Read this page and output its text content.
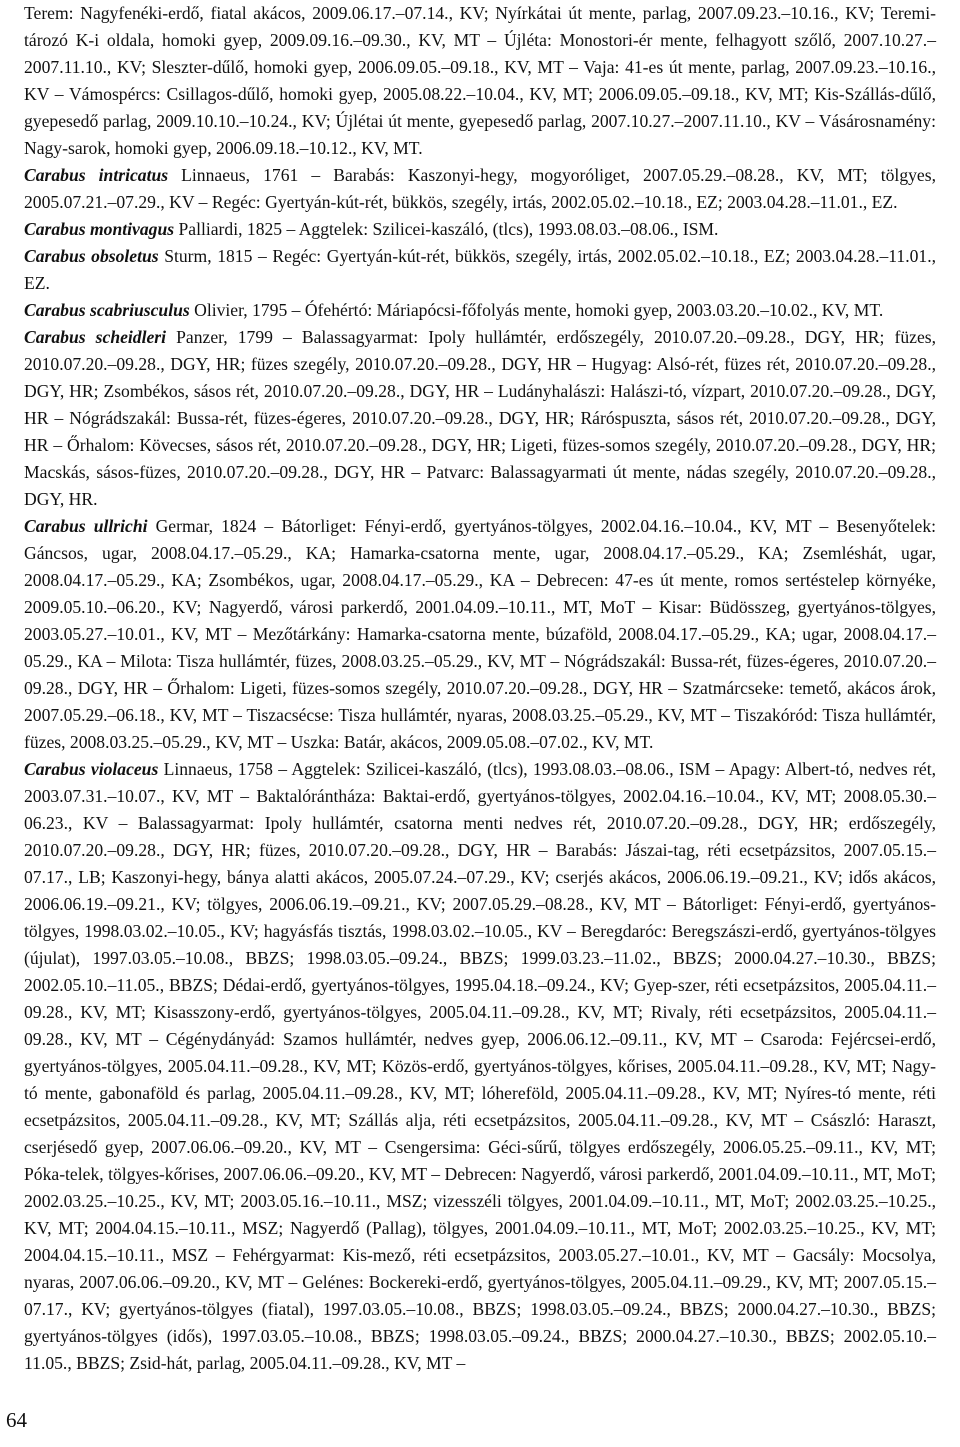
Terem: Nagyfenéki-erdő, fiatal akácos, 2009.06.17.–07.14., KV; Nyírkátai út mente, parlag, 2007.09.23.–10.16., KV; Teremi-tározó K-i oldala, homoki gyep, 2009.09.16.–09.30., KV, MT – Újléta: Monostori-ér mente, felhagyott szőlő, 2007.10.27.–2007.11.10., KV; Sleszter-dűlő, homoki gyep, 2006.09.05.–09.18., KV, MT – Vaja: 41-es út mente, parlag, 2007.09.23.–10.16., KV – Vámospércs: Csillagos-dűlő, homoki gyep, 2005.08.22.–10.04., KV, MT; 2006.09.05.–09.18., KV, MT; Kis-Szállás-dűlő, gyepesedő parlag, 2009.10.10.–10.24., KV; Újlétai út mente, gyepesedő parlag, 2007.10.27.–2007.11.10., KV – Vásárosnamény: Nagy-sarok, homoki gyep, 2006.09.18.–10.12., KV, MT.

Carabus intricatus Linnaeus, 1761 – Barabás: Kaszonyi-hegy, mogyoróliget, 2007.05.29.–08.28., KV, MT; tölgyes, 2005.07.21.–07.29., KV – Regéc: Gyertyán-kút-rét, bükkös, szegély, irtás, 2002.05.02.–10.18., EZ; 2003.04.28.–11.01., EZ.

Carabus montivagus Palliardi, 1825 – Aggtelek: Szilicei-kaszáló, (tlcs), 1993.08.03.–08.06., ISM.

Carabus obsoletus Sturm, 1815 – Regéc: Gyertyán-kút-rét, bükkös, szegély, irtás, 2002.05.02.–10.18., EZ; 2003.04.28.–11.01., EZ.

Carabus scabriusculus Olivier, 1795 – Ófehértó: Máriapócsi-főfolyás mente, homoki gyep, 2003.03.20.–10.02., KV, MT.

Carabus scheidleri Panzer, 1799 – Balassagyarmat: Ipoly hullámtér, erdőszegély, 2010.07.20.–09.28., DGY, HR; füzes, 2010.07.20.–09.28., DGY, HR; füzes szegély, 2010.07.20.–09.28., DGY, HR – Hugyag: Alsó-rét, füzes rét, 2010.07.20.–09.28., DGY, HR; Zsombékos, sásos rét, 2010.07.20.–09.28., DGY, HR – Ludányhalászi: Halászi-tó, vízpart, 2010.07.20.–09.28., DGY, HR – Nógrádszakál: Bussa-rét, füzes-égeres, 2010.07.20.–09.28., DGY, HR; Ráróspuszta, sásos rét, 2010.07.20.–09.28., DGY, HR – Őrhalom: Kövecses, sásos rét, 2010.07.20.–09.28., DGY, HR; Ligeti, füzes-somos szegély, 2010.07.20.–09.28., DGY, HR; Macskás, sásos-füzes, 2010.07.20.–09.28., DGY, HR – Patvarc: Balassagyarmati út mente, nádas szegély, 2010.07.20.–09.28., DGY, HR.

Carabus ullrichi Germar, 1824 – Bátorliget: Fényi-erdő, gyertyános-tölgyes, 2002.04.16.–10.04., KV, MT – Besenyőtelek: Gáncsos, ugar, 2008.04.17.–05.29., KA; Hamarka-csatorna mente, ugar, 2008.04.17.–05.29., KA; Zsemléshát, ugar, 2008.04.17.–05.29., KA; Zsombékos, ugar, 2008.04.17.–05.29., KA – Debrecen: 47-es út mente, romos sertéstelep környéke, 2009.05.10.–06.20., KV; Nagyerdő, városi parkerdő, 2001.04.09.–10.11., MT, MoT – Kisar: Büdösszeg, gyertyános-tölgyes, 2003.05.27.–10.01., KV, MT – Mezőtárkány: Hamarka-csatorna mente, búzaföld, 2008.04.17.–05.29., KA; ugar, 2008.04.17.–05.29., KA – Milota: Tisza hullámtér, füzes, 2008.03.25.–05.29., KV, MT – Nógrádszakál: Bussa-rét, füzes-égeres, 2010.07.20.–09.28., DGY, HR – Őrhalom: Ligeti, füzes-somos szegély, 2010.07.20.–09.28., DGY, HR – Szatmárcseke: temető, akácos árok, 2007.05.29.–06.18., KV, MT – Tiszacsécse: Tisza hullámtér, nyaras, 2008.03.25.–05.29., KV, MT – Tiszakóród: Tisza hullámtér, füzes, 2008.03.25.–05.29., KV, MT – Uszka: Batár, akácos, 2009.05.08.–07.02., KV, MT.

Carabus violaceus Linnaeus, 1758 – Aggtelek: Szilicei-kaszáló, (tlcs), 1993.08.03.–08.06., ISM – Apagy: Albert-tó, nedves rét, 2003.07.31.–10.07., KV, MT – Baktalórántháza: Baktai-erdő, gyertyános-tölgyes, 2002.04.16.–10.04., KV, MT; 2008.05.30.–06.23., KV – Balassagyarmat: Ipoly hullámtér, csatorna menti nedves rét, 2010.07.20.–09.28., DGY, HR; erdőszegély, 2010.07.20.–09.28., DGY, HR; füzes, 2010.07.20.–09.28., DGY, HR – Barabás: Jászai-tag, réti ecsetpázsitos, 2007.05.15.–07.17., LB; Kaszonyi-hegy, bánya alatti akácos, 2005.07.24.–07.29., KV; cserjés akácos, 2006.06.19.–09.21., KV; idős akácos, 2006.06.19.–09.21., KV; tölgyes, 2006.06.19.–09.21., KV; 2007.05.29.–08.28., KV, MT – Bátorliget: Fényi-erdő, gyertyános-tölgyes, 1998.03.02.–10.05., KV; hagyásfás tisztás, 1998.03.02.–10.05., KV – Beregdaróc: Beregszászi-erdő, gyertyános-tölgyes (újulat), 1997.03.05.–10.08., BBZS; 1998.03.05.–09.24., BBZS; 1999.03.23.–11.02., BBZS; 2000.04.27.–10.30., BBZS; 2002.05.10.–11.05., BBZS; Dédai-erdő, gyertyános-tölgyes, 1995.04.18.–09.24., KV; Gyep-szer, réti ecsetpázsitos, 2005.04.11.–09.28., KV, MT; Kisasszony-erdő, gyertyános-tölgyes, 2005.04.11.–09.28., KV, MT; Rivaly, réti ecsetpázsitos, 2005.04.11.–09.28., KV, MT – Cégénydányád: Szamos hullámtér, nedves gyep, 2006.06.12.–09.11., KV, MT – Csaroda: Fejércsei-erdő, gyertyános-tölgyes, 2005.04.11.–09.28., KV, MT; Közös-erdő, gyertyános-tölgyes, kőrises, 2005.04.11.–09.28., KV, MT; Nagy-tó mente, gabonaföld és parlag, 2005.04.11.–09.28., KV, MT; lóhereföld, 2005.04.11.–09.28., KV, MT; Nyíres-tó mente, réti ecsetpázsitos, 2005.04.11.–09.28., KV, MT; Szállás alja, réti ecsetpázsitos, 2005.04.11.–09.28., KV, MT – Császló: Haraszt, cserjésedő gyep, 2007.06.06.–09.20., KV, MT – Csengersima: Géci-sűrű, tölgyes erdőszegély, 2006.05.25.–09.11., KV, MT; Póka-telek, tölgyes-kőrises, 2007.06.06.–09.20., KV, MT – Debrecen: Nagyerdő, városi parkerdő, 2001.04.09.–10.11., MT, MoT; 2002.03.25.–10.25., KV, MT; 2003.05.16.–10.11., MSZ; vizesszéli tölgyes, 2001.04.09.–10.11., MT, MoT; 2002.03.25.–10.25., KV, MT; 2004.04.15.–10.11., MSZ; Nagyerdő (Pallag), tölgyes, 2001.04.09.–10.11., MT, MoT; 2002.03.25.–10.25., KV, MT; 2004.04.15.–10.11., MSZ – Fehérgyarmat: Kis-mező, réti ecsetpázsitos, 2003.05.27.–10.01., KV, MT – Gacsály: Mocsolya, nyaras, 2007.06.06.–09.20., KV, MT – Gelénes: Bockereki-erdő, gyertyános-tölgyes, 2005.04.11.–09.29., KV, MT; 2007.05.15.–07.17., KV; gyertyános-tölgyes (fiatal), 1997.03.05.–10.08., BBZS; 1998.03.05.–09.24., BBZS; 2000.04.27.–10.30., BBZS; gyertyános-tölgyes (idős), 1997.03.05.–10.08., BBZS; 1998.03.05.–09.24., BBZS; 2000.04.27.–10.30., BBZS; 2002.05.10.–11.05., BBZS; Zsid-hát, parlag, 2005.04.11.–09.28., KV, MT –

64
